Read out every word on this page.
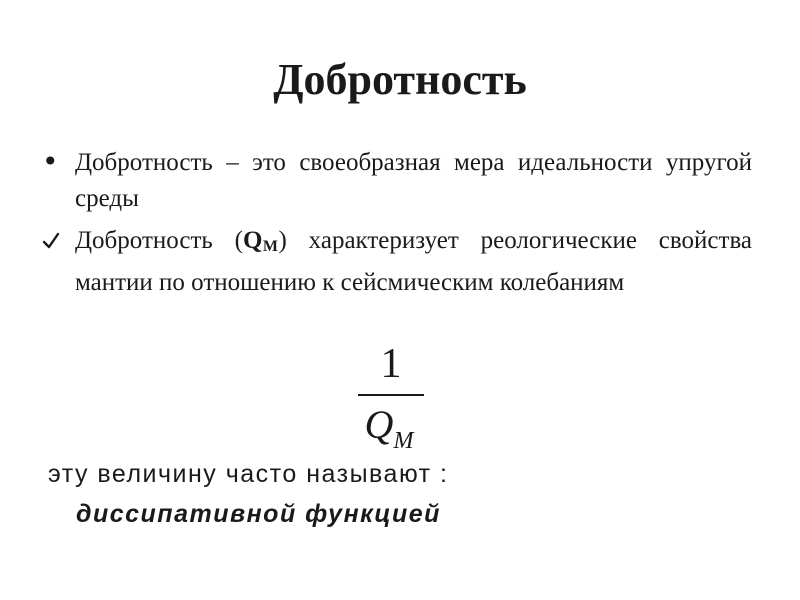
Добротность
• Добротность – это своеобразная мера идеальности упругой среды
Добротность $(Q_M)$ характеризует реологические свойства мантии по отношению к сейсмическим колебаниям
1
$Q_M$
эту величину часто называют :
диссипативной функцией
